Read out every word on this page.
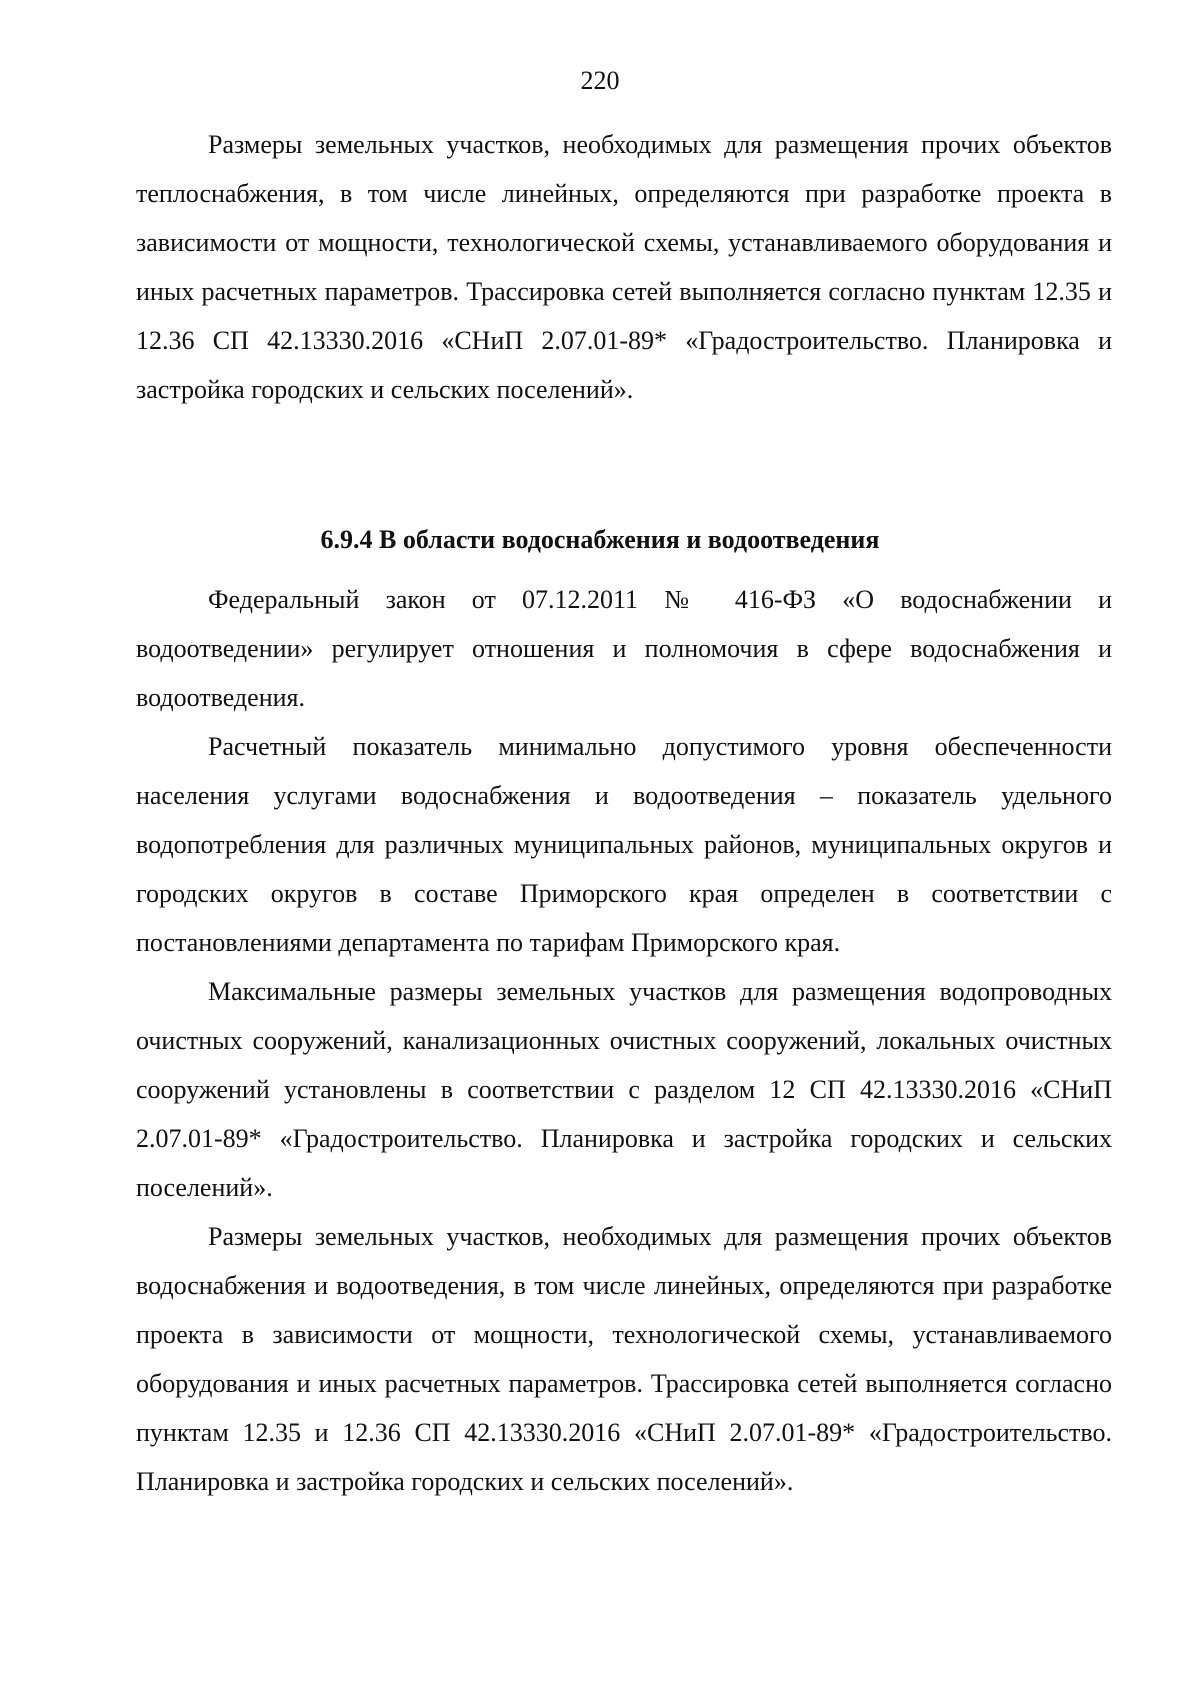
220

Размеры земельных участков, необходимых для размещения прочих объектов теплоснабжения, в том числе линейных, определяются при разработке проекта в зависимости от мощности, технологической схемы, устанавливаемого оборудования и иных расчетных параметров. Трассировка сетей выполняется согласно пунктам 12.35 и 12.36 СП 42.13330.2016 «СНиП 2.07.01-89* «Градостроительство. Планировка и застройка городских и сельских поселений».

6.9.4 В области водоснабжения и водоотведения

Федеральный закон от 07.12.2011 № 416-ФЗ «О водоснабжении и водоотведении» регулирует отношения и полномочия в сфере водоснабжения и водоотведения.

Расчетный показатель минимально допустимого уровня обеспеченности населения услугами водоснабжения и водоотведения – показатель удельного водопотребления для различных муниципальных районов, муниципальных округов и городских округов в составе Приморского края определен в соответствии с постановлениями департамента по тарифам Приморского края.

Максимальные размеры земельных участков для размещения водопроводных очистных сооружений, канализационных очистных сооружений, локальных очистных сооружений установлены в соответствии с разделом 12 СП 42.13330.2016 «СНиП 2.07.01-89* «Градостроительство. Планировка и застройка городских и сельских поселений».

Размеры земельных участков, необходимых для размещения прочих объектов водоснабжения и водоотведения, в том числе линейных, определяются при разработке проекта в зависимости от мощности, технологической схемы, устанавливаемого оборудования и иных расчетных параметров. Трассировка сетей выполняется согласно пунктам 12.35 и 12.36 СП 42.13330.2016 «СНиП 2.07.01-89* «Градостроительство. Планировка и застройка городских и сельских поселений».
